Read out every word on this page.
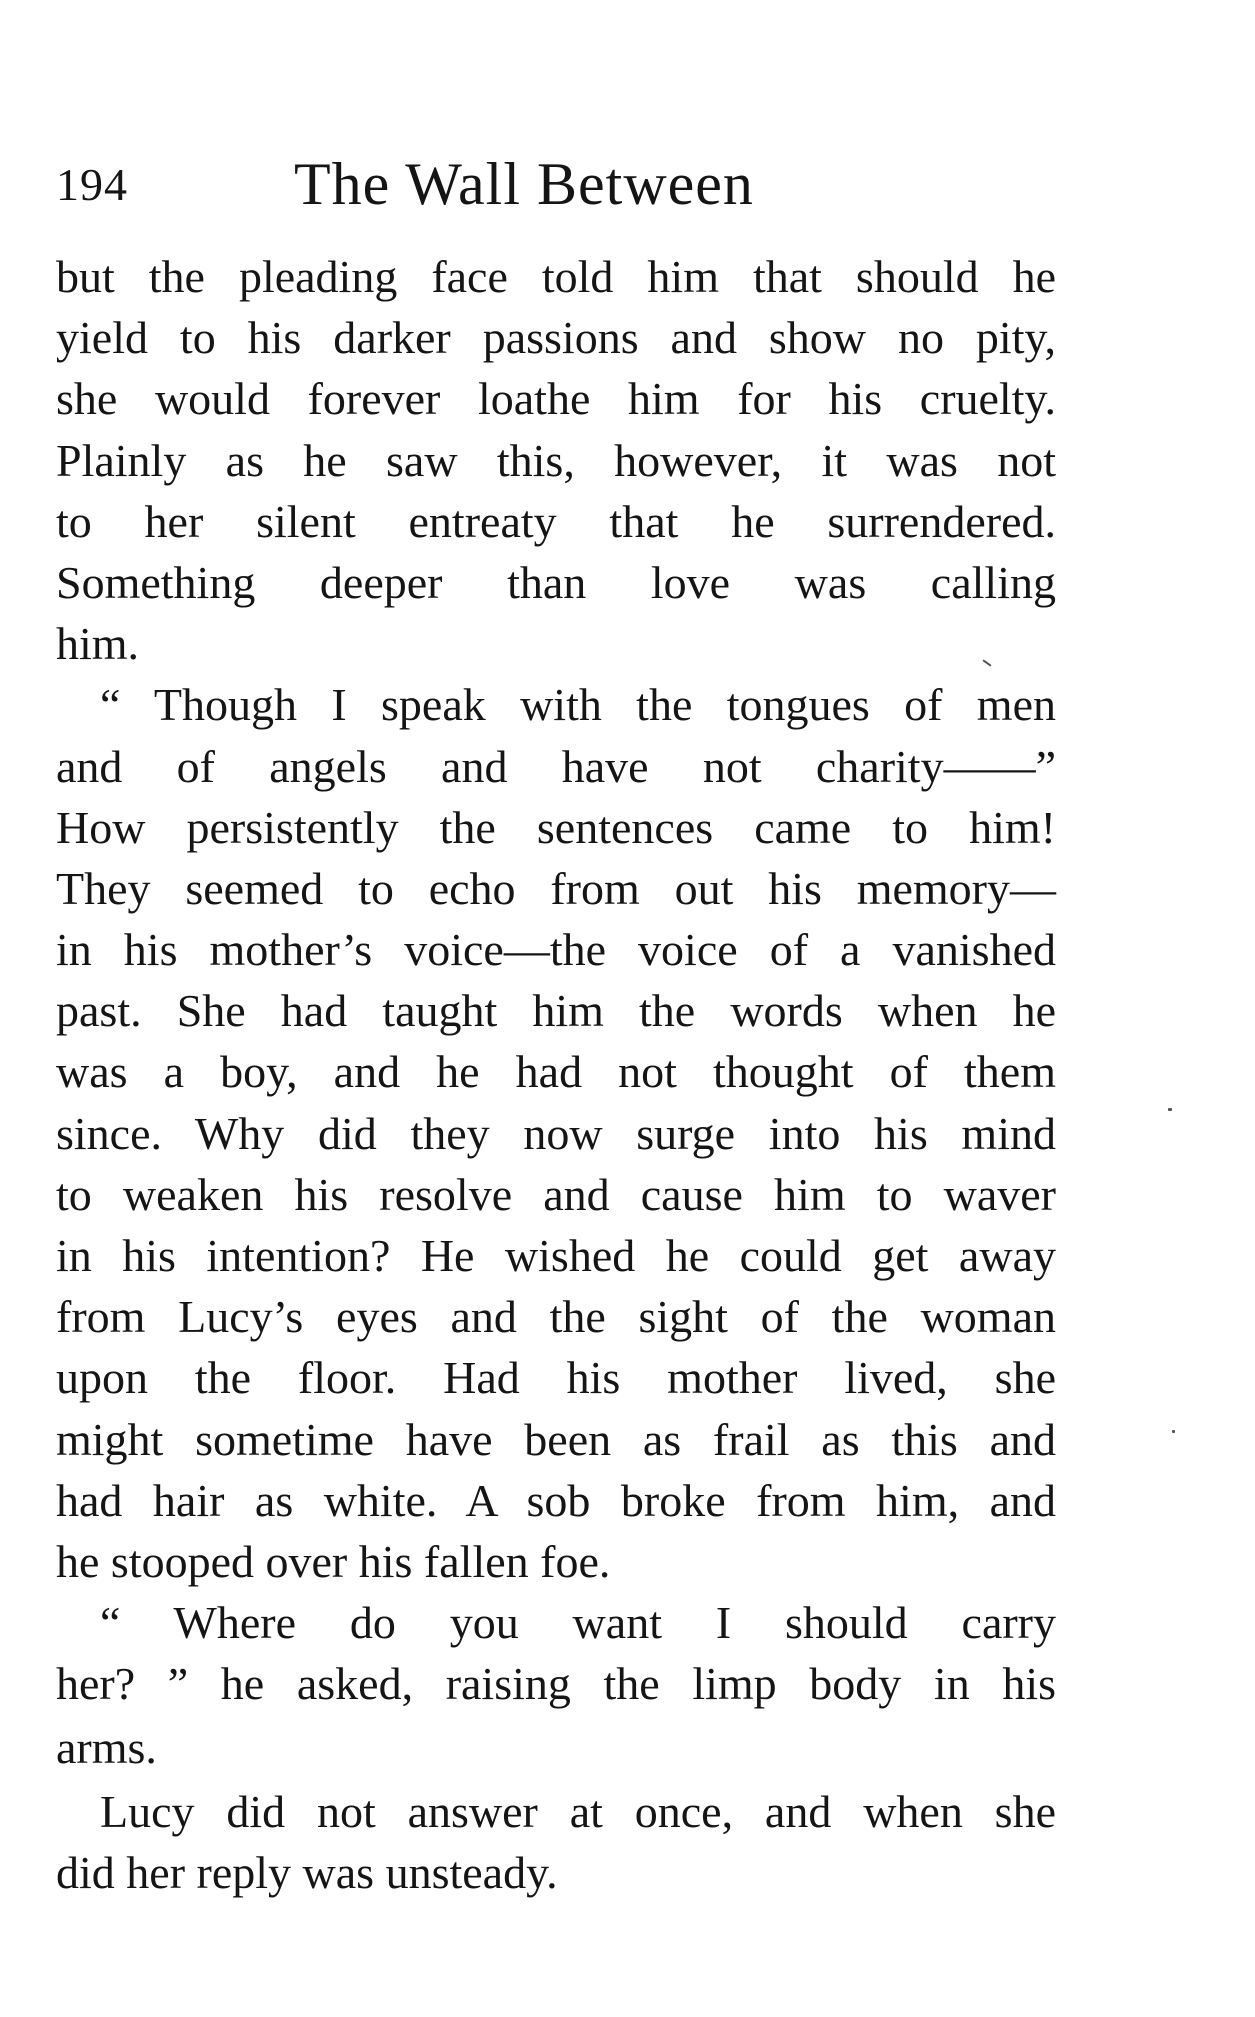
194	The Wall Between
but the pleading face told him that should he
yield to his darker passions and show no pity,
she would forever loathe him for his cruelty.
Plainly as he saw this, however, it was not
to her silent entreaty that he surrendered.
Something deeper than love was calling
him.
“ Though I speak with the tongues of men
and of angels and have not charity——”
How persistently the sentences came to him!
They seemed to echo from out his memory—
in his mother’s voice—the voice of a vanished
past. She had taught him the words when he
was a boy, and he had not thought of them
since. Why did they now surge into his mind
to weaken his resolve and cause him to waver
in his intention? He wished he could get away
from Lucy’s eyes and the sight of the woman
upon the floor. Had his mother lived, she
might sometime have been as frail as this and
had hair as white. A sob broke from him, and
he stooped over his fallen foe.
“ Where do you want I should carry
her? ” he asked, raising the limp body in his
arms.
Lucy did not answer at once, and when she
did her reply was unsteady.
